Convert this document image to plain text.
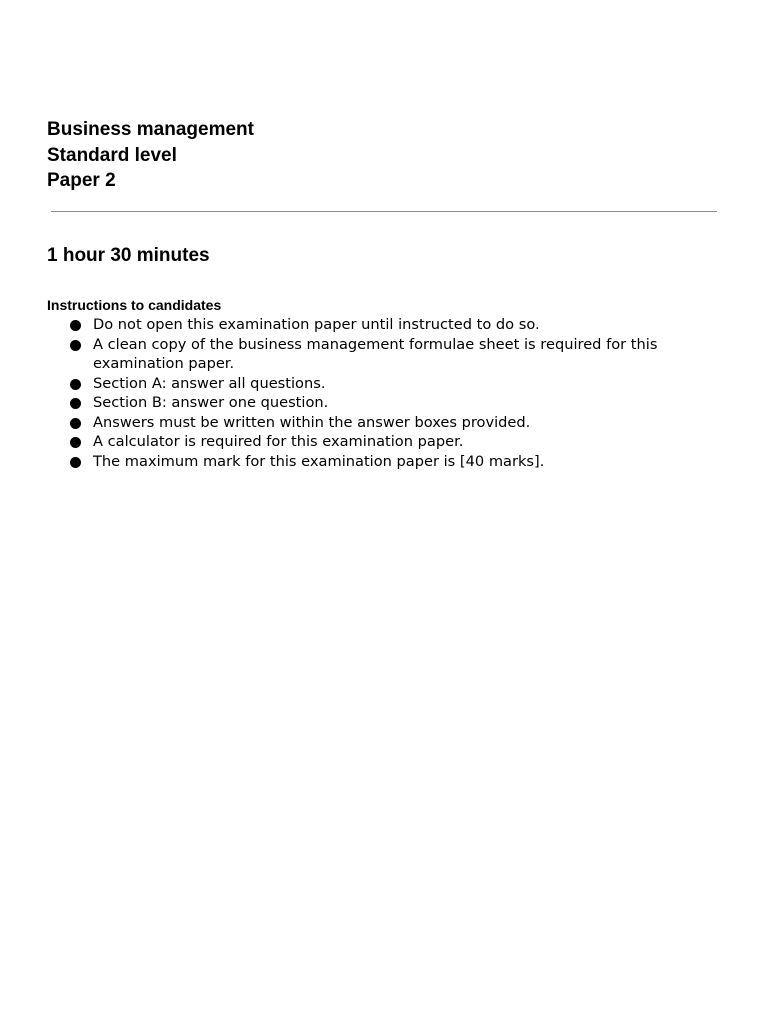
Business management
Standard level
Paper 2
1 hour 30 minutes
Instructions to candidates
Do not open this examination paper until instructed to do so.
A clean copy of the business management formulae sheet is required for this examination paper.
Section A: answer all questions.
Section B: answer one question.
Answers must be written within the answer boxes provided.
A calculator is required for this examination paper.
The maximum mark for this examination paper is [40 marks].
